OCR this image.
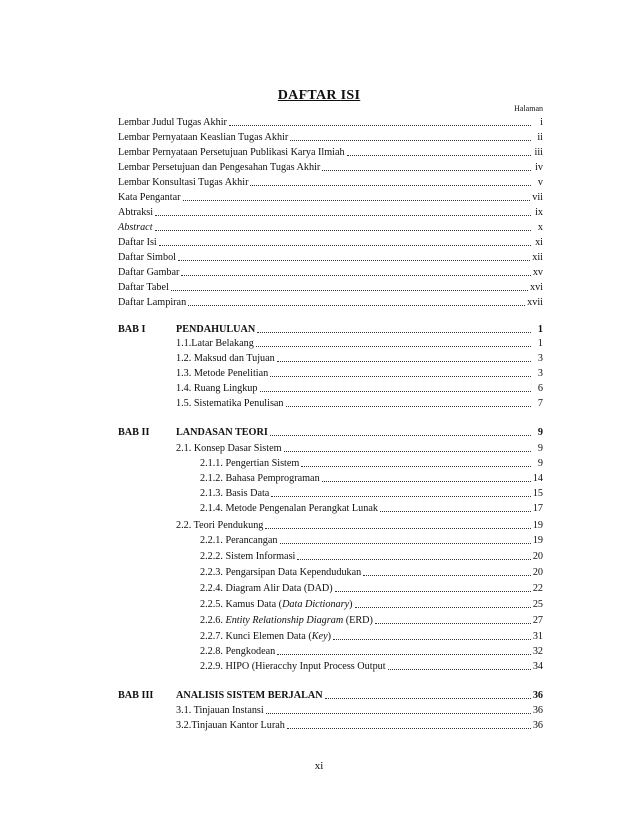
DAFTAR ISI
Halaman
Lembar Judul Tugas Akhir	i
Lembar Pernyataan Keaslian Tugas Akhir	ii
Lembar Pernyataan Persetujuan Publikasi Karya Ilmiah	iii
Lembar Persetujuan dan Pengesahan Tugas Akhir	iv
Lembar Konsultasi Tugas Akhir	v
Kata Pengantar	vii
Abtraksi	ix
Abstract	x
Daftar Isi	xi
Daftar Simbol	xii
Daftar Gambar	xv
Daftar Tabel	xvi
Daftar Lampiran	xvii
BAB I	PENDAHULUAN	1
1.1.Latar Belakang	1
1.2. Maksud dan Tujuan	3
1.3. Metode Penelitian	3
1.4. Ruang Lingkup	6
1.5. Sistematika Penulisan	7
BAB II	LANDASAN TEORI	9
2.1. Konsep Dasar Sistem	9
2.1.1. Pengertian Sistem	9
2.1.2. Bahasa Pemprograman	14
2.1.3. Basis Data	15
2.1.4. Metode Pengenalan Perangkat Lunak	17
2.2. Teori Pendukung	19
2.2.1. Perancangan	19
2.2.2. Sistem Informasi	20
2.2.3. Pengarsipan Data Kependudukan	20
2.2.4. Diagram Alir Data (DAD)	22
2.2.5. Kamus Data (Data Dictionary)	25
2.2.6. Entity Relationship Diagram (ERD)	27
2.2.7. Kunci Elemen Data (Key)	31
2.2.8. Pengkodean	32
2.2.9. HIPO (Hieracchy Input Process Output	34
BAB III ANALISIS SISTEM BERJALAN	36
3.1. Tinjauan Instansi	36
3.2.Tinjauan Kantor Lurah	36
xi
